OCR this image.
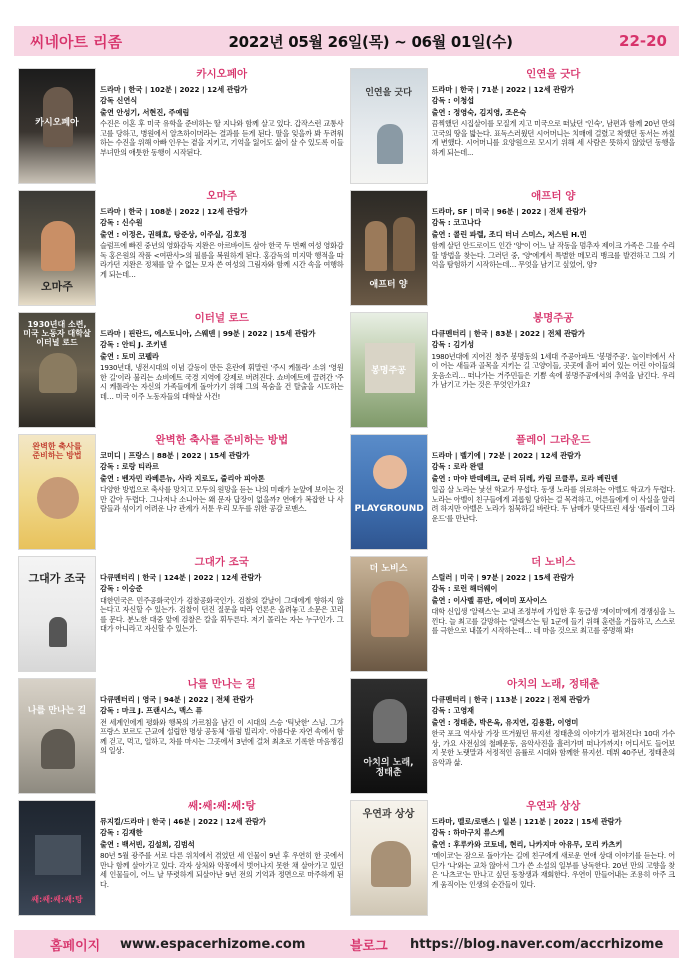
씨네아트 리좀	2022년 05월 26일(목) ~ 06월 01일(수)	22-20
카시오페아
카시오페아
드라마 | 한국 | 102분 | 2022 | 12세 관람가
감독 신연식
출연 안성기, 서현진, 주예림
수진은 이혼 후 미국 유학을 준비하는 딸 지나와 함께 살고 있다. 갑작스런 교통사고를 당하고, 병원에서 알츠하이머라는 결과를 듣게 된다. 딸을 잊을까 봐 두려워하는 수진을 위해 아빠 인우는 곁을 지키고, 기억을 잃어도 삶이 살 수 있도록 이들 부녀만의 애틋한 동행이 시작된다.
인연을 긋다
인연을 긋다
드라마 | 한국 | 71분 | 2022 | 12세 관람가
감독 : 이청섭
출연 : 정영숙, 김지영, 조은숙
끔찍했던 시집살이를 모질게 지고 미국으로 떠났던 '인숙', 남편과 함께 20년 만의 고국의 땅을 밟는다. 표독스러웠던 시어머니는 치매에 걸렸고 착했던 동서는 까칠게 변했다. 시어머니를 요양원으로 모시기 위해 세 사람은 뜻하지 않았던 동행을 하게 되는데...
오마주
오마주
드라마 | 한국 | 108분 | 2022 | 12세 관람가
감독 : 신수원
출연 : 이정은, 권해효, 탕준상, 이주실, 김호정
슬럼프에 빠진 중년의 영화감독 지완은 아르바이트 삼아 한국 두 번째 여성 영화감독 홍은원의 작품 <여판사>의 필름을 복원하게 된다. 홍감독의 미지막 행적을 따라가던 지완은 정체를 알 수 없는 모자 쓴 여성의 그림자와 함께 시간 속을 여행하게 되는데…
애프터 양
애프터 양
드라마, SF | 미국 | 96분 | 2022 | 전체 관람가
감독 : 코고나다
출연 : 콜린 파렐, 조디 터너 스미스, 저스틴 H.민
함께 살던 안드로이드 인간 '양'이 어느 날 작동을 멈추자 제이크 가족은 그를 수리할 방법을 찾는다. 그러던 중, '양'에게서 특별한 메모리 뱅크를 발견하고 그의 기억을 탐험하기 시작하는데… 무엇을 남기고 싶었어, 양?
1930년대 소련, 미국 노동자 대학살 이터널 로드
이터널 로드
드라마 | 핀란드, 에스토니아, 스웨덴 | 99분 | 2022 | 15세 관람가
감독 : 안티 J. 조키넨
출연 : 토미 코펠라
1930년대, 냉전시대의 이념 갈등이 만든 혼란에 휘말린 '주시 케톨라' 소위 '영원한 길'이라 불리는 쇼비에트 국경 지역에 강제로 버려진다. 쇼비에트에 끌려간 '주시 케톨라'는 자신의 가족들에게 돌아가기 위해 그의 목숨을 건 탈출을 시도하는데… 미국 이주 노동자들의 대학살 사건!
봉명주공
봉명주공
다큐멘터리 | 한국 | 83분 | 2022 | 전체 관람가
감독 : 김기성
1980년대에 지어진 청주 봉명동의 1세대 주공아파트 '봉명주공'. 놀이터에서 사이 어는 새들과 골목을 지키는 길 고양이들, 곳곳에 흩어 피어 있는 어린 아이들의 웃음소리… 떠나가는 거주민들은 기쁨 속에 봉명주공에서의 추억을 남긴다. 우리가 남기고 가는 것은 무엇인가요?
완벽한 축사를 준비하는 방법
완벽한 축사를 준비하는 방법
코미디 | 프랑스 | 88분 | 2022 | 15세 관람가
감독 : 로랑 티라르
출연 : 벤자민 라베른뉴, 사라 지로도, 줄리아 피아톤
다양한 방법으로 축사를 망치고 모두의 원망을 듣는 나의 미래가 눈앞에 보이는 것만 같아 두렵다. 그나저나 소니아는 왜 문자 답장이 없을까? 연애가 복잡한 나 사람들과 섞이기 어려운 나? 관계가 서툰 우리 모두를 위한 공감 로맨스.	PLAYGROUND
플레이 그라운드
드라마 | 벨기에 | 72분 | 2022 | 12세 관람가
감독 : 로라 완델
출연 : 마야 반데베크, 군터 뒤레, 카림 르클루, 로라 베린덴
일곱 살 노라는 낯선 학교가 무섭다. 동생 노라를 위로하는 아벨도 학교가 두렵다. 노라는 아벨이 친구들에게 괴롭힘 당하는 걸 목격하고, 어른들에게 이 사실을 알리려 하지만 아벨은 노라가 침묵하길 바란다. 두 남매가 맞닥뜨린 세상 '플레이 그라운드'를 만난다.
그대가 조국
그대가 조국
다큐멘터리 | 한국 | 124분 | 2022 | 12세 관람가
감독 : 이승준
대한민국은 민주공화국인가 검찰공화국인가. 검찰의 칼날이 그대에게 향하지 않는다고 자신할 수 있는가. 검찰이 던진 질문을 따라 언론은 올려놓고 소문은 꼬리를 문다. 분노한 대중 앞에 검찰은 칼을 휘두른다. 저기 몰리는 자는 누구인가. 그대가 아니라고 자신할 수 있는가.
더 노비스
더 노비스
스릴러 | 미국 | 97분 | 2022 | 15세 관람가
감독 : 로런 해더웨이
출연 : 이사벨 퓨만, 에이미 포사이스
대학 신입생 '알렉스'는 교내 조정부에 가입한 후 동급생 '제이미'에게 경쟁심을 느낀다. 늘 최고를 갈망하는 '알렉스'는 팀 1군에 들기 위해 훈련을 거듭하고, 스스로를 극한으로 내몰기 시작하는데… 네 마음 것으로 최고를 증명해 봐!
나를 만나는 길
나를 만나는 길
다큐멘터리 | 영국 | 94분 | 2022 | 전체 관람가
감독 : 마크 J. 프랜시스, 맥스 퓨
전 세계인에게 평화와 행복의 가르침을 남긴 이 시대의 스승 '틱낫한' 스님. 그가 프랑스 보르도 근교에 설립한 명상 공동체 '플럼 빌리지'. 아름다운 자연 속에서 함께 걷고, 먹고, 일하고, 차를 마시는 그곳에서 3년에 걸쳐 최초로 기록한 마음챙김의 일상.
아치의 노래, 정태춘
아치의 노래, 정태춘
다큐멘터리 | 한국 | 113분 | 2022 | 전체 관람가
감독 : 고영재
출연 : 정태춘, 박은옥, 유지연, 김용환, 이영미
한국 포크 역사상 가장 뜨거웠던 뮤지션 정태춘의 이야기가 펼쳐진다! 10대 가수상, 가요 사전심의 철폐운동, 음악사진을 흘러가며 떠나가까지! 어디서도 들어보지 못한 노랫말과 서정적인 음률로 시대와 함께한 뮤지션. 데뷔 40주년, 정태춘의 음악과 삶.
쌔:쌔:쌔:쌔:탕
쌔:쌔:쌔:쌔:탕
뮤지컬/드라마 | 한국 | 46분 | 2022 | 12세 관람가
감독 : 김재한
출연 : 백서빈, 김설희, 김범석
80년 5월 광주를 서로 다른 위치에서 겪었던 세 인물이 9년 후 우연히 한 곳에서 만나 함께 살아가고 있다. 각자 상처와 악몽에서 벗어나지 못한 채 살아가고 있던 세 인물들이, 어느 날 뚜렷하게 되살아난 9년 전의 기억과 정면으로 마주하게 된다.
우연과 상상
우연과 상상
드라마, 멜로/로맨스 | 일본 | 121분 | 2022 | 15세 관람가
감독 : 하마구치 류스케
출연 : 후루카와 코토네, 현리, 나카지마 아유무, 모리 카츠키
'메이코'는 잠으로 돌아가는 길에 친구에게 새로운 연애 상대 이야기를 듣는다. 어딘가 '나'와는 교차 않아서 그가 쓴 소설의 일부를 낭독한다. 20년 만의 고향을 찾은 '나츠코'는 만나고 싶던 동창생과 재회한다. 우연이 만들어내는 조용히 아주 크게 움직이는 인생의 순간들이 있다.
홈페이지	www.espacerhizome.com	블로그	https://blog.naver.com/accrhizome
